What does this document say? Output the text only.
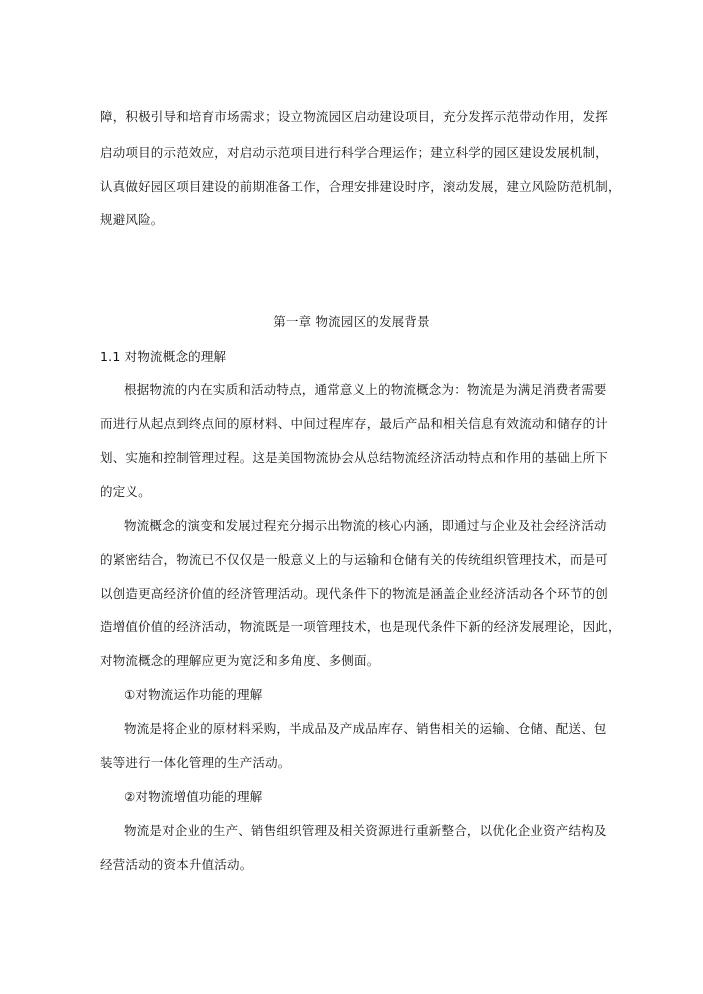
障，积极引导和培育市场需求；设立物流园区启动建设项目，充分发挥示范带动作用，发挥
启动项目的示范效应，对启动示范项目进行科学合理运作；建立科学的园区建设发展机制，
认真做好园区项目建设的前期准备工作，合理安排建设时序，滚动发展，建立风险防范机制，
规避风险。
第一章 物流园区的发展背景
1.1 对物流概念的理解
根据物流的内在实质和活动特点，通常意义上的物流概念为：物流是为满足消费者需要
而进行从起点到终点间的原材料、中间过程库存，最后产品和相关信息有效流动和储存的计
划、实施和控制管理过程。这是美国物流协会从总结物流经济活动特点和作用的基础上所下
的定义。
物流概念的演变和发展过程充分揭示出物流的核心内涵，即通过与企业及社会经济活动
的紧密结合，物流已不仅仅是一般意义上的与运输和仓储有关的传统组织管理技术，而是可
以创造更高经济价值的经济管理活动。现代条件下的物流是涵盖企业经济活动各个环节的创
造增值价值的经济活动，物流既是一项管理技术，也是现代条件下新的经济发展理论，因此，
对物流概念的理解应更为宽泛和多角度、多侧面。
①对物流运作功能的理解
物流是将企业的原材料采购，半成品及产成品库存、销售相关的运输、仓储、配送、包
装等进行一体化管理的生产活动。
②对物流增值功能的理解
物流是对企业的生产、销售组织管理及相关资源进行重新整合，以优化企业资产结构及
经营活动的资本升值活动。
